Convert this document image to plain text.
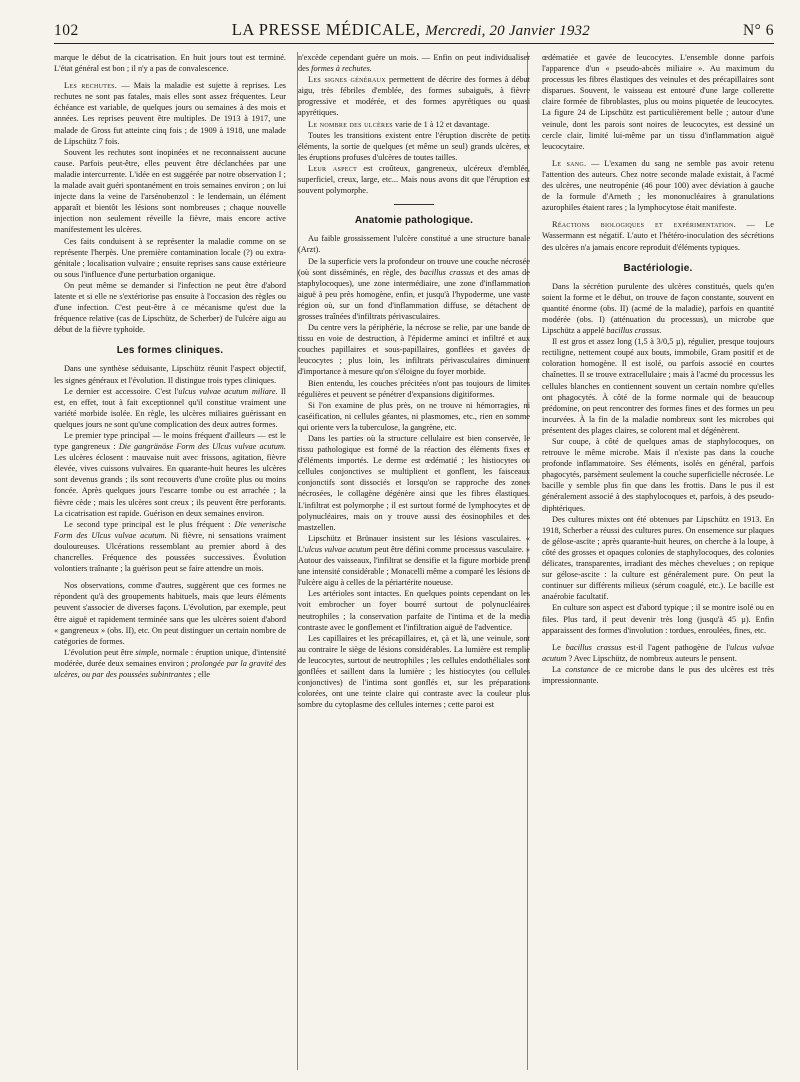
102	LA PRESSE MÉDICALE, Mercredi, 20 Janvier 1932	N° 6

marque le début de la cicatrisation. En huit jours tout est terminé. L'état général est bon ; il n'y a pas de convalescence.

Les rechutes. — Mais la maladie est sujette à reprises. Les rechutes ne sont pas fatales, mais elles sont assez fréquentes. Leur échéance est variable, de quelques jours ou semaines à des mois et années. Les reprises peuvent être multiples. De 1913 à 1917, une malade de Gross fut atteinte cinq fois ; de 1909 à 1918, une malade de Lipschütz 7 fois.

Souvent les rechutes sont inopinées et ne reconnaissent aucune cause. Parfois peut-être, elles peuvent être déclanchées par une maladie intercurrente. L'idée en est suggérée par notre observation I ; la malade avait guéri spontanément en trois semaines environ ; on lui injecte dans la veine de l'arsénobenzol : le lendemain, un élément apparaît et bientôt les lésions sont nombreuses ; chaque nouvelle injection non seulement réveille la fièvre, mais encore active manifestement les ulcères.

Ces faits conduisent à se représenter la maladie comme on se représente l'herpès. Une première contamination locale (?) ou extra-génitale ; localisation vulvaire ; ensuite reprises sans cause extérieure ou sous l'influence d'une perturbation organique.

On peut même se demander si l'infection ne peut être d'abord latente et si elle ne s'extériorise pas ensuite à l'occasion des règles ou d'une infection. C'est peut-être à ce mécanisme qu'est due la fréquence relative (cas de Lipschütz, de Scherber) de l'ulcère aigu au début de la fièvre typhoïde.

Les formes cliniques.

Dans une synthèse séduisante, Lipschütz réunit l'aspect objectif, les signes généraux et l'évolution. Il distingue trois types cliniques.

Le dernier est accessoire. C'est l'ulcus vulvae acutum miliare. Il est, en effet, tout à fait exceptionnel qu'il constitue vraiment une variété morbide isolée. En règle, les ulcères miliaires guérissant en quelques jours ne sont qu'une complication des deux autres formes.

Le premier type principal — le moins fréquent d'ailleurs — est le type gangreneux : Die gangränöse Form des Ulcus vulvae acutum. Les ulcères éclosent : mauvaise nuit avec frissons, agitation, fièvre élevée, vives cuissons vulvaires. En quarante-huit heures les ulcères sont devenus grands ; ils sont recouverts d'une croûte plus ou moins foncée. Après quelques jours l'escarre tombe ou est arrachée ; la fièvre cède ; mais les ulcères sont creux ; ils peuvent être perforants. La cicatrisation est rapide. Guérison en deux semaines environ.

Le second type principal est le plus fréquent : Die venerische Form des Ulcus vulvae acutum. Ni fièvre, ni sensations vraiment douloureuses. Ulcérations ressemblant au premier abord à des chancrelles. Fréquence des poussées successives. Évolution volontiers traînante ; la guérison peut se faire attendre un mois.

Nos observations, comme d'autres, suggèrent que ces formes ne répondent qu'à des groupements habituels, mais que leurs éléments peuvent s'associer de diverses façons. L'évolution, par exemple, peut être aiguë et rapidement terminée sans que les ulcères soient d'abord « gangreneux » (obs. II), etc. On peut distinguer un certain nombre de catégories de formes.

L'évolution peut être simple, normale : éruption unique, d'intensité modérée, durée deux semaines environ ; prolongée par la gravité des ulcères, ou par des poussées subintrantes ; elle

n'excède cependant guère un mois. — Enfin on peut individualiser des formes à rechutes.

Les signes généraux permettent de décrire des formes à début aigu, très fébriles d'emblée, des formes subaiguës, à fièvre progressive et modérée, et des formes apyrétiques ou quasi apyrétiques.

Le nombre des ulcères varie de 1 à 12 et davantage.

Toutes les transitions existent entre l'éruption discrète de petits éléments, la sortie de quelques (et même un seul) grands ulcères, et les éruptions profuses d'ulcères de toutes tailles.

Leur aspect est croûteux, gangreneux, ulcéreux d'emblée, superficiel, creux, large, etc... Mais nous avons dit que l'éruption est souvent polymorphe.

Anatomie pathologique.

Au faible grossissement l'ulcère constitué a une structure banale (Arzt).

De la superficie vers la profondeur on trouve une couche nécrosée (où sont disséminés, en règle, des bacillus crassus et des amas de staphylocoques), une zone intermédiaire, une zone d'inflammation aiguë à peu près homogène, enfin, et jusqu'à l'hypoderme, une vaste région où, sur un fond d'inflammation diffuse, se détachent de grosses traînées d'infiltrats périvasculaires.

Du centre vers la périphérie, la nécrose se relie, par une bande de tissu en voie de destruction, à l'épiderme aminci et infiltré et aux couches papillaires et sous-papillaires, gonflées et gavées de leucocytes ; plus loin, les infiltrats périvasculaires diminuent d'importance à mesure qu'on s'éloigne du foyer morbide.

Bien entendu, les couches précitées n'ont pas toujours de limites régulières et peuvent se pénétrer d'expansions digitiformes.

Si l'on examine de plus près, on ne trouve ni hémorragies, ni caséification, ni cellules géantes, ni plasmomes, etc., rien en somme qui oriente vers la tuberculose, la gangrène, etc.

Dans les parties où la structure cellulaire est bien conservée, le tissu pathologique est formé de la réaction des éléments fixes et d'éléments importés. Le derme est œdématié ; les histiocytes ou cellules conjonctives se multiplient et gonflent, les faisceaux conjonctifs sont dissociés et lorsqu'on se rapproche des zones nécrosées, le collagène dégénère ainsi que les fibres élastiques. L'infiltrat est polymorphe ; il est surtout formé de lymphocytes et de polynucléaires, mais on y trouve aussi des éosinophiles et des mastzellen.

Lipschütz et Brünauer insistent sur les lésions vasculaires. « L'ulcus vulvae acutum peut être défini comme processus vasculaire. » Autour des vaisseaux, l'infiltrat se densifie et la figure morbide prend une intensité considérable ; Monacelli même a comparé les lésions de l'ulcère aigu à celles de la périartérite noueuse.

Les artérioles sont intactes. En quelques points cependant on les voit embrocher un foyer bourré surtout de polynucléaires neutrophiles ; la conservation parfaite de l'intima et de la media contraste avec le gonflement et l'infiltration aiguë de l'adventice.

Les capillaires et les précapillaires, et, çà et là, une veinule, sont au contraire le siège de lésions considérables. La lumière est remplie de leucocytes, surtout de neutrophiles ; les cellules endothéliales sont gonflées et saillent dans la lumière ; les histiocytes (ou cellules conjonctives) de l'intima sont gonflés et, sur les préparations colorées, ont une teinte claire qui contraste avec la couleur plus sombre du cytoplasme des cellules internes ; cette paroi est

œdématiée et gavée de leucocytes. L'ensemble donne parfois l'apparence d'un « pseudo-abcès miliaire ». Au maximum du processus les fibres élastiques des veinules et des précapillaires sont disparues. Souvent, le vaisseau est entouré d'une large collerette claire formée de fibroblastes, plus ou moins piquetée de leucocytes. La figure 24 de Lipschütz est particulièrement belle ; autour d'une veinule, dont les parois sont noires de leucocytes, est dessiné un cercle clair, limité lui-même par un tissu d'inflammation aiguë leucocytaire.

Le sang. — L'examen du sang ne semble pas avoir retenu l'attention des auteurs. Chez notre seconde malade existait, à l'acmé des ulcères, une neutropénie (46 pour 100) avec déviation à gauche de la formule d'Arneth ; les mononucléaires à granulations azurophiles étaient rares ; la lymphocytose était manifeste.

Réactions biologiques et expérimentation. — Le Wassermann est négatif. L'auto et l'hétéro-inoculation des sécrétions des ulcères n'a jamais encore reproduit d'éléments typiques.

Bactériologie.

Dans la sécrétion purulente des ulcères constitués, quels qu'en soient la forme et le début, on trouve de façon constante, souvent en quantité énorme (obs. II) (acmé de la maladie), parfois en quantité modérée (obs. I) (atténuation du processus), un microbe que Lipschütz a appelé bacillus crassus.

Il est gros et assez long (1,5 à 3/0,5 µ), régulier, presque toujours rectiligne, nettement coupé aux bouts, immobile, Gram positif et de coloration homogène. Il est isolé, ou parfois associé en courtes chaînettes. Il se trouve extracellulaire ; mais à l'acmé du processus les cellules blanches en contiennent souvent un certain nombre qu'elles ont phagocytés. À côté de la forme normale qui de beaucoup prédomine, on peut rencontrer des formes fines et des formes un peu incurvées. À la fin de la maladie nombreux sont les microbes qui présentent des plages claires, se colorent mal et dégénèrent.

Sur coupe, à côté de quelques amas de staphylocoques, on retrouve le même microbe. Mais il n'existe pas dans la couche profonde inflammatoire. Ses éléments, isolés en général, parfois phagocytés, parsèment seulement la couche superficielle nécrosée. Le bacille y semble plus fin que dans les frottis. Dans le pus il est généralement associé à des staphylocoques et, parfois, à des pseudo-diphtériques.

Des cultures mixtes ont été obtenues par Lipschütz en 1913. En 1918, Scherber a réussi des cultures pures. On ensemence sur plaques de gélose-ascite ; après quarante-huit heures, on cherche à la loupe, à côté des grosses et opaques colonies de staphylocoques, des colonies délicates, transparentes, irradiant des mèches chevelues ; on repique sur gélose-ascite : la culture est généralement pure. On peut la continuer sur différents milieux (sérum coagulé, etc.). Le bacille est anaérobie facultatif.

En culture son aspect est d'abord typique ; il se montre isolé ou en files. Plus tard, il peut devenir très long (jusqu'à 45 µ). Enfin apparaissent des formes d'involution : tordues, enroulées, fines, etc.

Le bacillus crassus est-il l'agent pathogène de l'ulcus vulvae acutum ? Avec Lipschütz, de nombreux auteurs le pensent.

La constance de ce microbe dans le pus des ulcères est très impressionnante.
